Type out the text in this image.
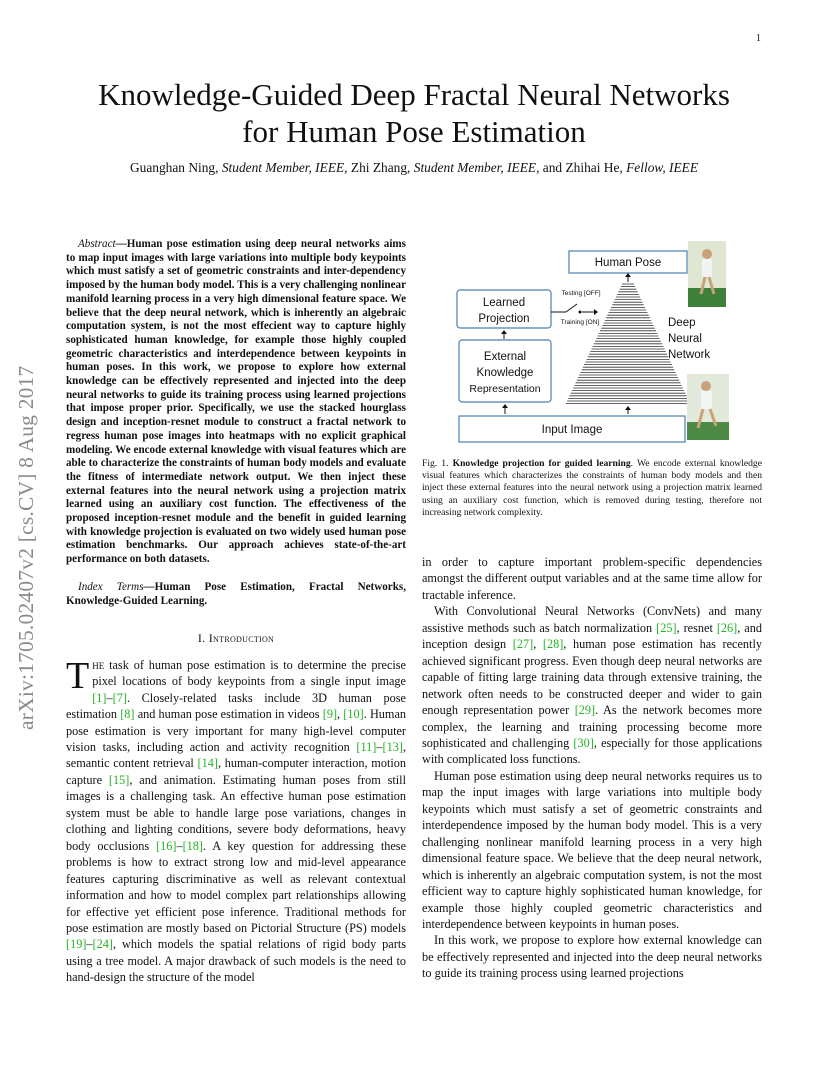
1
arXiv:1705.02407v2 [cs.CV] 8 Aug 2017
Knowledge-Guided Deep Fractal Neural Networks
for Human Pose Estimation
Guanghan Ning, Student Member, IEEE, Zhi Zhang, Student Member, IEEE, and Zhihai He, Fellow, IEEE

Abstract—Human pose estimation using deep neural networks aims to map input images with large variations into multiple body keypoints which must satisfy a set of geometric constraints and inter-dependency imposed by the human body model. This is a very challenging nonlinear manifold learning process in a very high dimensional feature space. We believe that the deep neural network, which is inherently an algebraic computation system, is not the most effecient way to capture highly sophisticated human knowledge, for example those highly coupled geometric characteristics and interdependence between keypoints in human poses. In this work, we propose to explore how external knowledge can be effectively represented and injected into the deep neural networks to guide its training process using learned projections that impose proper prior. Specifically, we use the stacked hourglass design and inception-resnet module to construct a fractal network to regress human pose images into heatmaps with no explicit graphical modeling. We encode external knowledge with visual features which are able to characterize the constraints of human body models and evaluate the fitness of intermediate network output. We then inject these external features into the neural network using a projection matrix learned using an auxiliary cost function. The effectiveness of the proposed inception-resnet module and the benefit in guided learning with knowledge projection is evaluated on two widely used human pose estimation benchmarks. Our approach achieves state-of-the-art performance on both datasets.

Index Terms—Human Pose Estimation, Fractal Networks, Knowledge-Guided Learning.

I. Introduction

The task of human pose estimation is to determine the precise pixel locations of body keypoints from a single input image [1]–[7]. Closely-related tasks include 3D human pose estimation [8] and human pose estimation in videos [9], [10]. Human pose estimation is very important for many high-level computer vision tasks, including action and activity recognition [11]–[13], semantic content retrieval [14], human-computer interaction, motion capture [15], and animation. Estimating human poses from still images is a challenging task. An effective human pose estimation system must be able to handle large pose variations, changes in clothing and lighting conditions, severe body deformations, heavy body occlusions [16]–[18]. A key question for addressing these problems is how to extract strong low and mid-level appearance features capturing discriminative as well as relevant contextual information and how to model complex part relationships allowing for effective yet efficient pose inference. Traditional methods for pose estimation are mostly based on Pictorial Structure (PS) models [19]–[24], which models the spatial relations of rigid body parts using a tree model. A major drawback of such models is the need to hand-design the structure of the model

Human Pose
Learned
Projection
Testing [OFF]
Training [ON]	Deep
Neural
Network
External
Knowledge
Representation
Input Image
Fig. 1. Knowledge projection for guided learning. We encode external knowledge visual features which characterizes the constraints of human body models and then inject these external features into the neural network using a projection matrix learned using an auxiliary cost function, which is removed during testing, therefore not increasing network complexity.

in order to capture important problem-specific dependencies amongst the different output variables and at the same time allow for tractable inference.

With Convolutional Neural Networks (ConvNets) and many assistive methods such as batch normalization [25], resnet [26], and inception design [27], [28], human pose estimation has recently achieved significant progress. Even though deep neural networks are capable of fitting large training data through extensive training, the network often needs to be constructed deeper and wider to gain enough representation power [29]. As the network becomes more complex, the learning and training processing become more sophisticated and challenging [30], especially for those applications with complicated loss functions.

Human pose estimation using deep neural networks requires us to map the input images with large variations into multiple body keypoints which must satisfy a set of geometric constraints and interdependence imposed by the human body model. This is a very challenging nonlinear manifold learning process in a very high dimensional feature space. We believe that the deep neural network, which is inherently an algebraic computation system, is not the most efficient way to capture highly sophisticated human knowledge, for example those highly coupled geometric characteristics and interdependence between keypoints in human poses.

In this work, we propose to explore how external knowledge can be effectively represented and injected into the deep neural networks to guide its training process using learned projections
